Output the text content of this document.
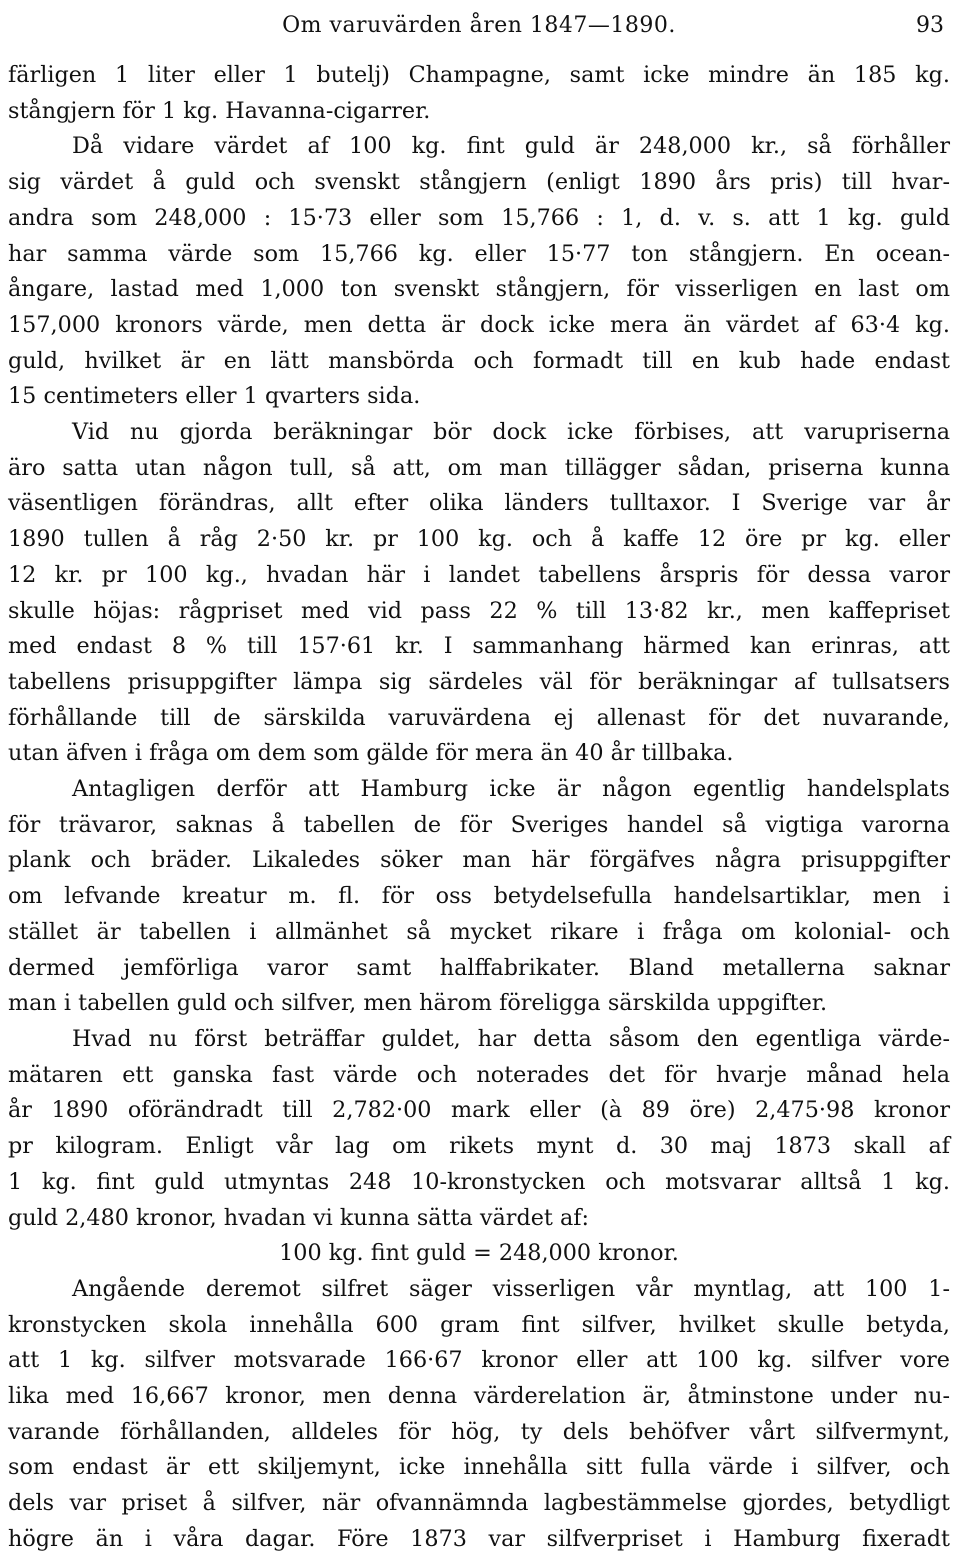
Om varuvärden åren 1847—1890.	93
färligen 1 liter eller 1 butelj) Champagne, samt icke mindre än 185 kg.
stångjern för 1 kg. Havanna-cigarrer.
Då vidare värdet af 100 kg. fint guld är 248,000 kr., så förhåller
sig värdet å guld och svenskt stångjern (enligt 1890 års pris) till hvar-
andra som 248,000 : 15·73 eller som 15,766 : 1, d. v. s. att 1 kg. guld
har samma värde som 15,766 kg. eller 15·77 ton stångjern. En ocean-
ångare, lastad med 1,000 ton svenskt stångjern, för visserligen en last om
157,000 kronors värde, men detta är dock icke mera än värdet af 63·4 kg.
guld, hvilket är en lätt mansbörda och formadt till en kub hade endast
15 centimeters eller 1 qvarters sida.
Vid nu gjorda beräkningar bör dock icke förbises, att varupriserna
äro satta utan någon tull, så att, om man tillägger sådan, priserna kunna
väsentligen förändras, allt efter olika länders tulltaxor. I Sverige var år
1890 tullen å råg 2·50 kr. pr 100 kg. och å kaffe 12 öre pr kg. eller
12 kr. pr 100 kg., hvadan här i landet tabellens årspris för dessa varor
skulle höjas: rågpriset med vid pass 22 % till 13·82 kr., men kaffepriset
med endast 8 % till 157·61 kr. I sammanhang härmed kan erinras, att
tabellens prisuppgifter lämpa sig särdeles väl för beräkningar af tullsatsers
förhållande till de särskilda varuvärdena ej allenast för det nuvarande,
utan äfven i fråga om dem som gälde för mera än 40 år tillbaka.
Antagligen derför att Hamburg icke är någon egentlig handelsplats
för trävaror, saknas å tabellen de för Sveriges handel så vigtiga varorna
plank och bräder. Likaledes söker man här förgäfves några prisuppgifter
om lefvande kreatur m. fl. för oss betydelsefulla handelsartiklar, men i
stället är tabellen i allmänhet så mycket rikare i fråga om kolonial- och
dermed jemförliga varor samt halffabrikater. Bland metallerna saknar
man i tabellen guld och silfver, men härom föreligga särskilda uppgifter.
Hvad nu först beträffar guldet, har detta såsom den egentliga värde-
mätaren ett ganska fast värde och noterades det för hvarje månad hela
år 1890 oförändradt till 2,782·00 mark eller (à 89 öre) 2,475·98 kronor
pr kilogram. Enligt vår lag om rikets mynt d. 30 maj 1873 skall af
1 kg. fint guld utmyntas 248 10-kronstycken och motsvarar alltså 1 kg.
guld 2,480 kronor, hvadan vi kunna sätta värdet af:
100 kg. fint guld = 248,000 kronor.
Angående deremot silfret säger visserligen vår myntlag, att 100 1-
kronstycken skola innehålla 600 gram fint silfver, hvilket skulle betyda,
att 1 kg. silfver motsvarade 166·67 kronor eller att 100 kg. silfver vore
lika med 16,667 kronor, men denna värderelation är, åtminstone under nu-
varande förhållanden, alldeles för hög, ty dels behöfver vårt silfvermynt,
som endast är ett skiljemynt, icke innehålla sitt fulla värde i silfver, och
dels var priset å silfver, när ofvannämnda lagbestämmelse gjordes, betydligt
högre än i våra dagar. Före 1873 var silfverpriset i Hamburg fixeradt
